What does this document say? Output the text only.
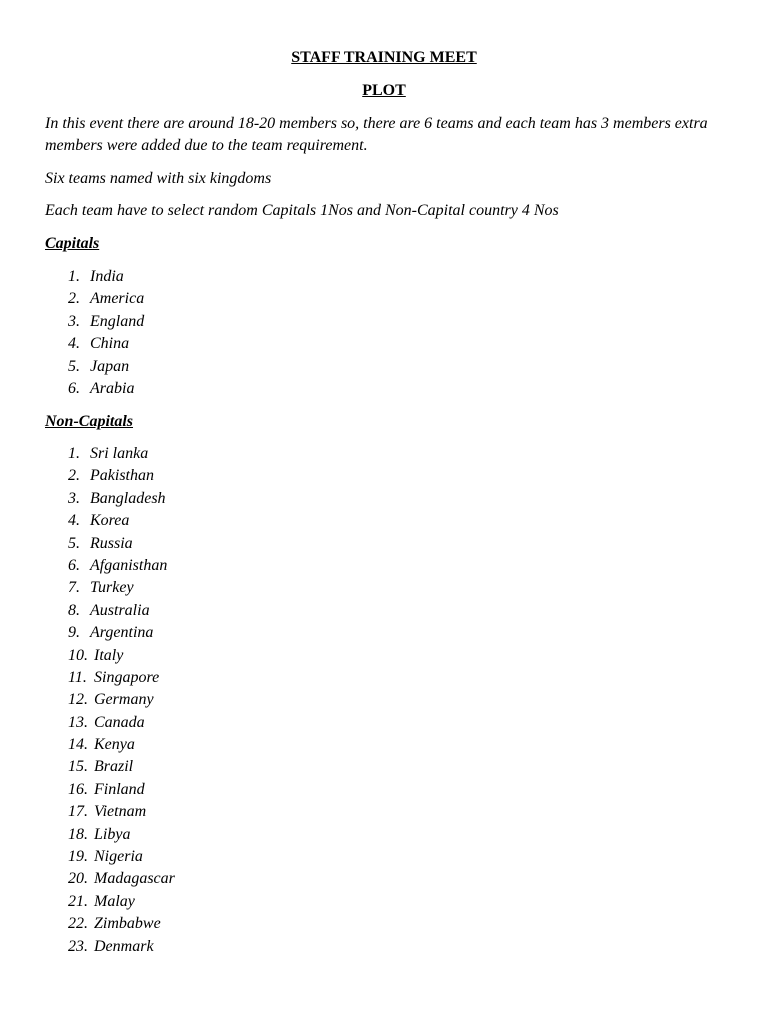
STAFF TRAINING MEET
PLOT
In this event there are around 18-20 members so, there are 6 teams and each team has 3 members extra members were added due to the team requirement.
Six teams named with six kingdoms
Each team have to select random Capitals 1Nos and Non-Capital country 4 Nos
Capitals
1. India
2. America
3. England
4. China
5. Japan
6. Arabia
Non-Capitals
1. Sri lanka
2. Pakisthan
3. Bangladesh
4. Korea
5. Russia
6. Afganisthan
7. Turkey
8. Australia
9. Argentina
10. Italy
11. Singapore
12. Germany
13. Canada
14. Kenya
15. Brazil
16. Finland
17. Vietnam
18. Libya
19. Nigeria
20. Madagascar
21. Malay
22. Zimbabwe
23. Denmark
